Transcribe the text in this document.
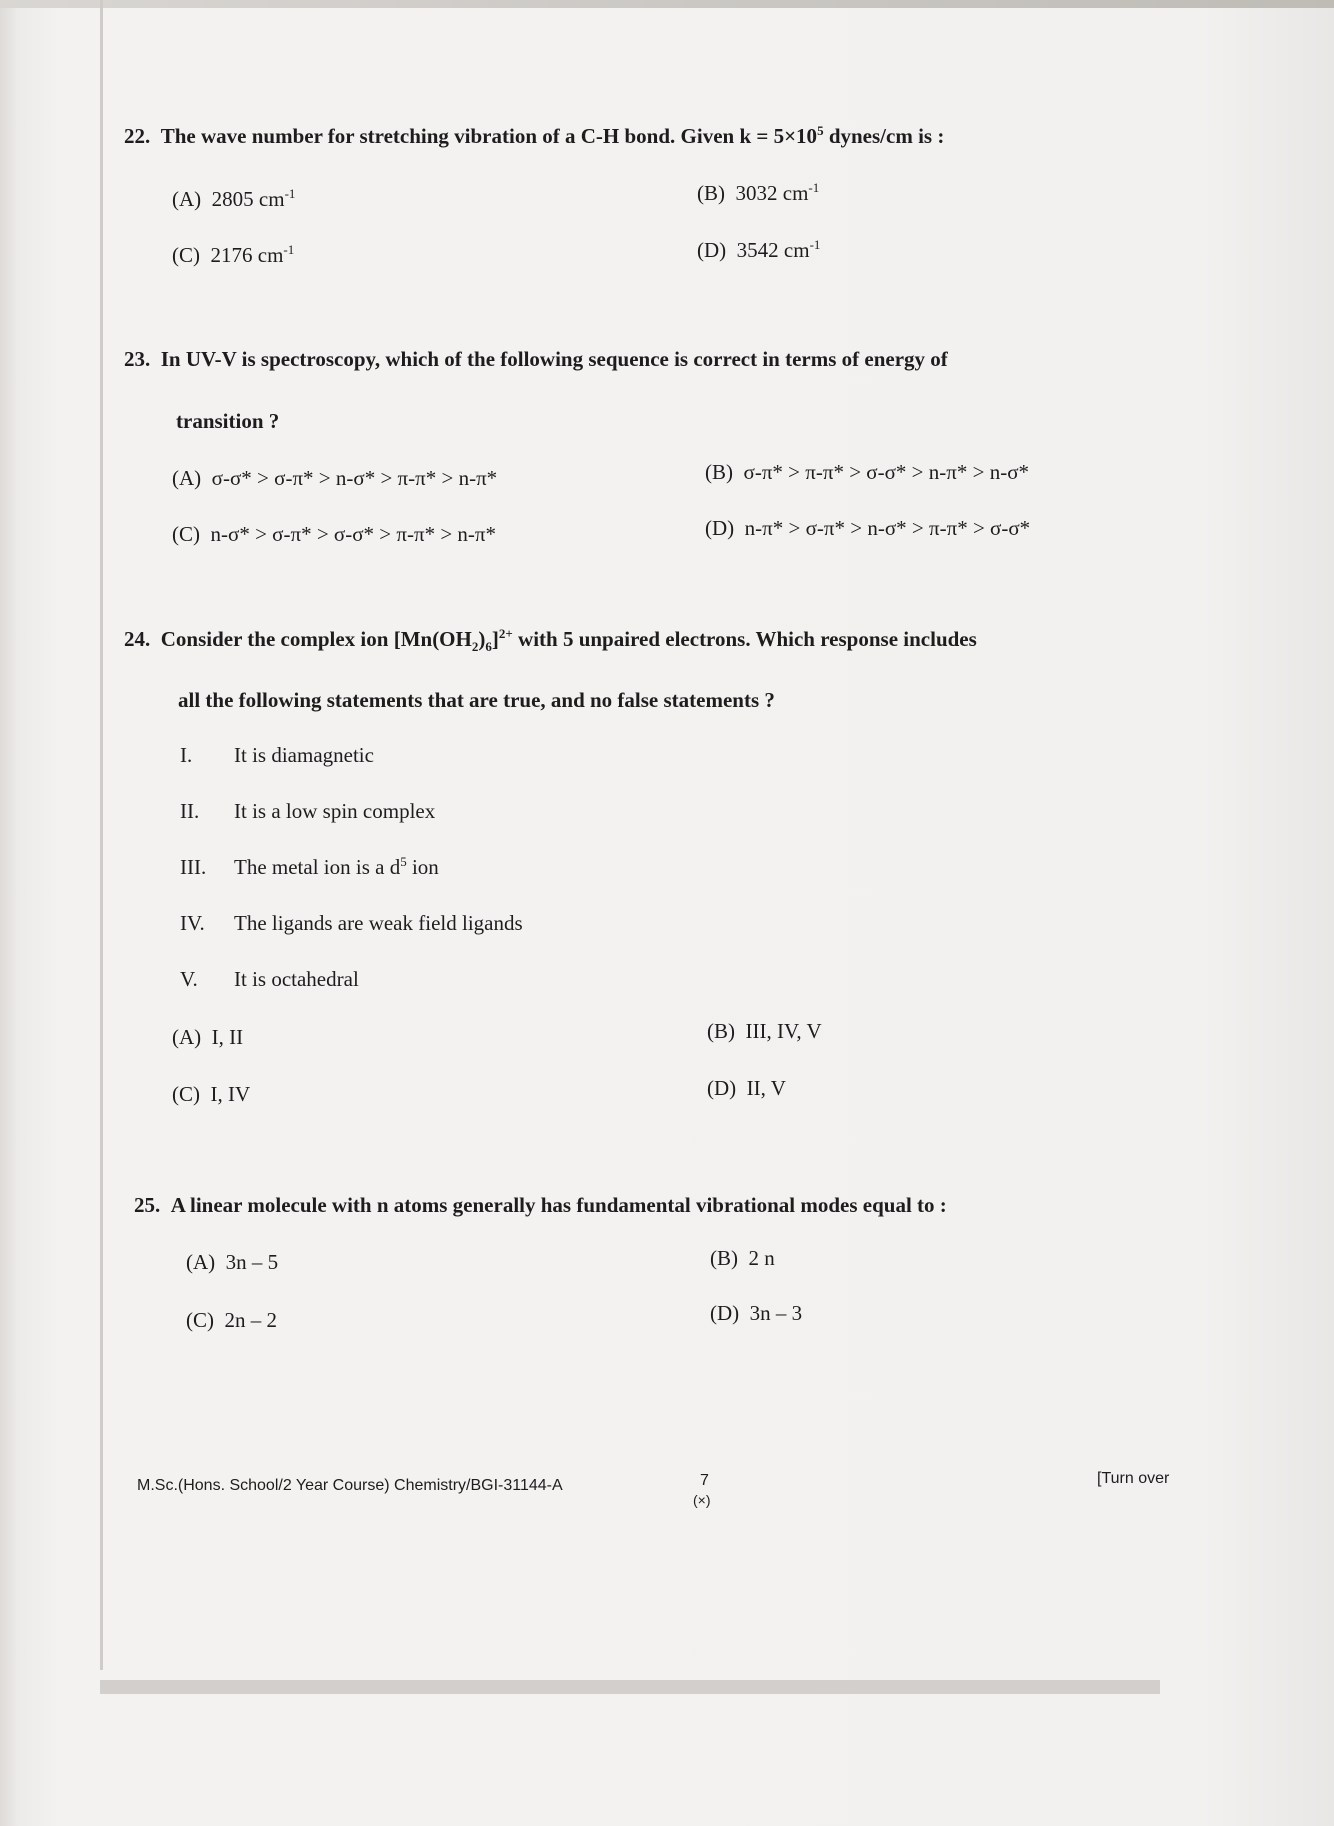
22. The wave number for stretching vibration of a C-H bond. Given $k = 5\times 10^5$ dynes/cm is :
(A) 2805 $cm^{-1}$	(B) 3032 $cm^{-1}$
(C) 2176 $cm^{-1}$	(D) 3542 $cm^{-1}$
23. In UV-V is spectroscopy, which of the following sequence is correct in terms of energy of
transition ?
(A) σ-σ* > σ-π* > n-σ* > π-π* > n-π*	(B) σ-π* > π-π* > σ-σ* > n-π* > n-σ*
(C) n-σ* > σ-π* > σ-σ* > π-π* > n-π*	(D) n-π* > σ-π* > n-σ* > π-π* > σ-σ*
24. Consider the complex ion $[Mn(OH_2)_6]^{2+}$ with 5 unpaired electrons. Which response includes
all the following statements that are true, and no false statements ?
I. It is diamagnetic
II. It is a low spin complex
III. The metal ion is a $d^5$ ion
IV. The ligands are weak field ligands
V. It is octahedral
(A) I, II	(B) III, IV, V
(C) I, IV	(D) II, V
25. A linear molecule with n atoms generally has fundamental vibrational modes equal to :
(A) 3n – 5	(B) 2 n
(C) 2n – 2	(D) 3n – 3
M.Sc.(Hons. School/2 Year Course) Chemistry/BGI-31144-A	7
(×)
[Turn over
